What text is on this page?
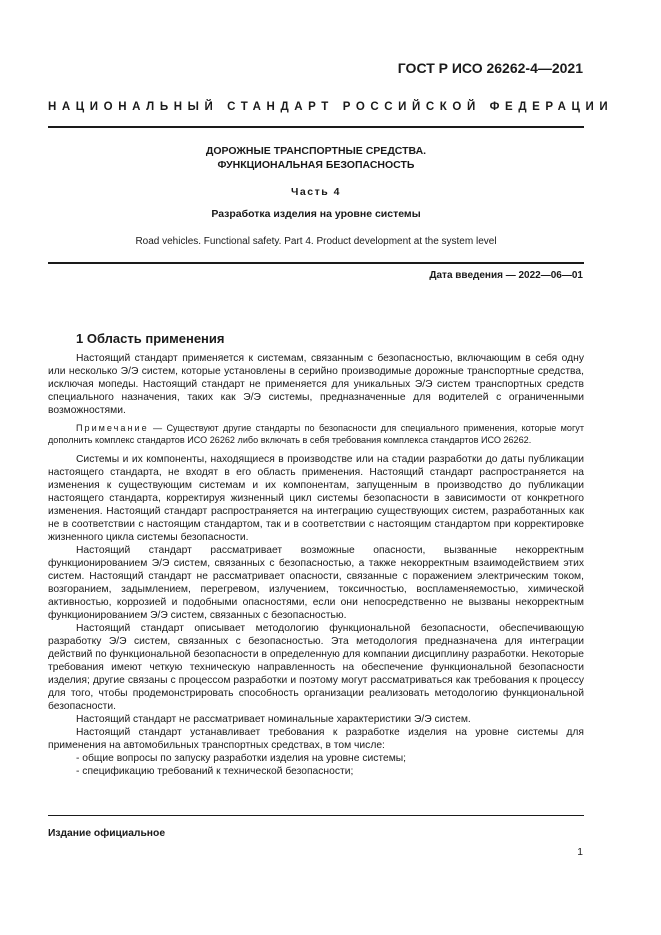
ГОСТ Р ИСО 26262-4—2021
НАЦИОНАЛЬНЫЙ СТАНДАРТ РОССИЙСКОЙ ФЕДЕРАЦИИ
ДОРОЖНЫЕ ТРАНСПОРТНЫЕ СРЕДСТВА.
ФУНКЦИОНАЛЬНАЯ БЕЗОПАСНОСТЬ
Часть 4
Разработка изделия на уровне системы
Road vehicles. Functional safety. Part 4. Product development at the system level
Дата введения — 2022—06—01
1 Область применения

Настоящий стандарт применяется к системам, связанным с безопасностью, включающим в себя одну или несколько Э/Э систем, которые установлены в серийно производимые дорожные транспортные средства, исключая мопеды. Настоящий стандарт не применяется для уникальных Э/Э систем транспортных средств специального назначения, таких как Э/Э системы, предназначенные для водителей с ограниченными возможностями.

Примечание — Существуют другие стандарты по безопасности для специального применения, которые могут дополнить комплекс стандартов ИСО 26262 либо включать в себя требования комплекса стандартов ИСО 26262.

Системы и их компоненты, находящиеся в производстве или на стадии разработки до даты публикации настоящего стандарта, не входят в его область применения. Настоящий стандарт распространяется на изменения к существующим системам и их компонентам, запущенным в производство до публикации настоящего стандарта, корректируя жизненный цикл системы безопасности в зависимости от конкретного изменения. Настоящий стандарт распространяется на интеграцию существующих систем, разработанных как не в соответствии с настоящим стандартом, так и в соответствии с настоящим стандартом при корректировке жизненного цикла системы безопасности.

Настоящий стандарт рассматривает возможные опасности, вызванные некорректным функционированием Э/Э систем, связанных с безопасностью, а также некорректным взаимодействием этих систем. Настоящий стандарт не рассматривает опасности, связанные с поражением электрическим током, возгоранием, задымлением, перегревом, излучением, токсичностью, воспламеняемостью, химической активностью, коррозией и подобными опасностями, если они непосредственно не вызваны некорректным функционированием Э/Э систем, связанных с безопасностью.

Настоящий стандарт описывает методологию функциональной безопасности, обеспечивающую разработку Э/Э систем, связанных с безопасностью. Эта методология предназначена для интеграции действий по функциональной безопасности в определенную для компании дисциплину разработки. Некоторые требования имеют четкую техническую направленность на обеспечение функциональной безопасности изделия; другие связаны с процессом разработки и поэтому могут рассматриваться как требования к процессу для того, чтобы продемонстрировать способность организации реализовать методологию функциональной безопасности.

Настоящий стандарт не рассматривает номинальные характеристики Э/Э систем.

Настоящий стандарт устанавливает требования к разработке изделия на уровне системы для применения на автомобильных транспортных средствах, в том числе:

- общие вопросы по запуску разработки изделия на уровне системы;

- спецификацию требований к технической безопасности;

Издание официальное
1
